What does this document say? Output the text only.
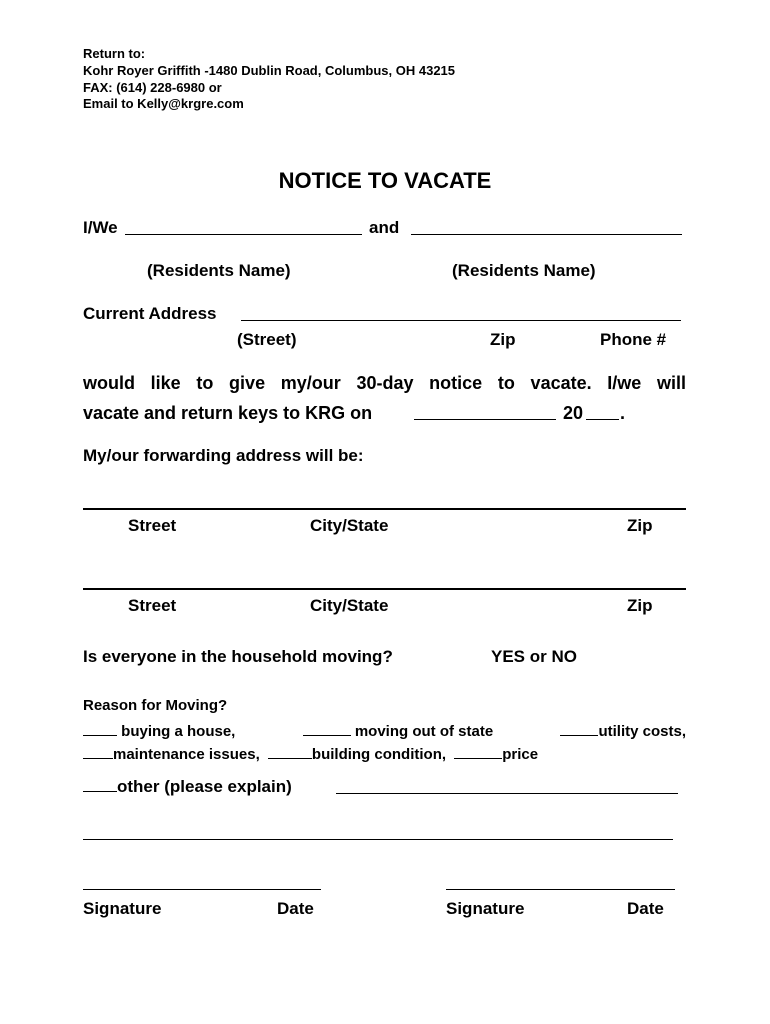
Return to:
Kohr Royer Griffith -1480 Dublin Road, Columbus, OH 43215
FAX: (614) 228-6980 or
Email to Kelly@krgre.com
NOTICE TO VACATE
I/We	and
(Residents Name)	(Residents Name)
Current Address
(Street)	Zip	Phone #
would like to give my/our 30-day notice to vacate. I/we will
vacate and return keys to KRG on	20 .
My/our forwarding address will be:
Street	City/State	Zip
Street	City/State	Zip
Is everyone in the household moving?	YES or NO
Reason for Moving?
buying a house,	moving out of state	utility costs,
maintenance issues,	building condition,	price
other (please explain)
Signature	Date	Signature	Date
